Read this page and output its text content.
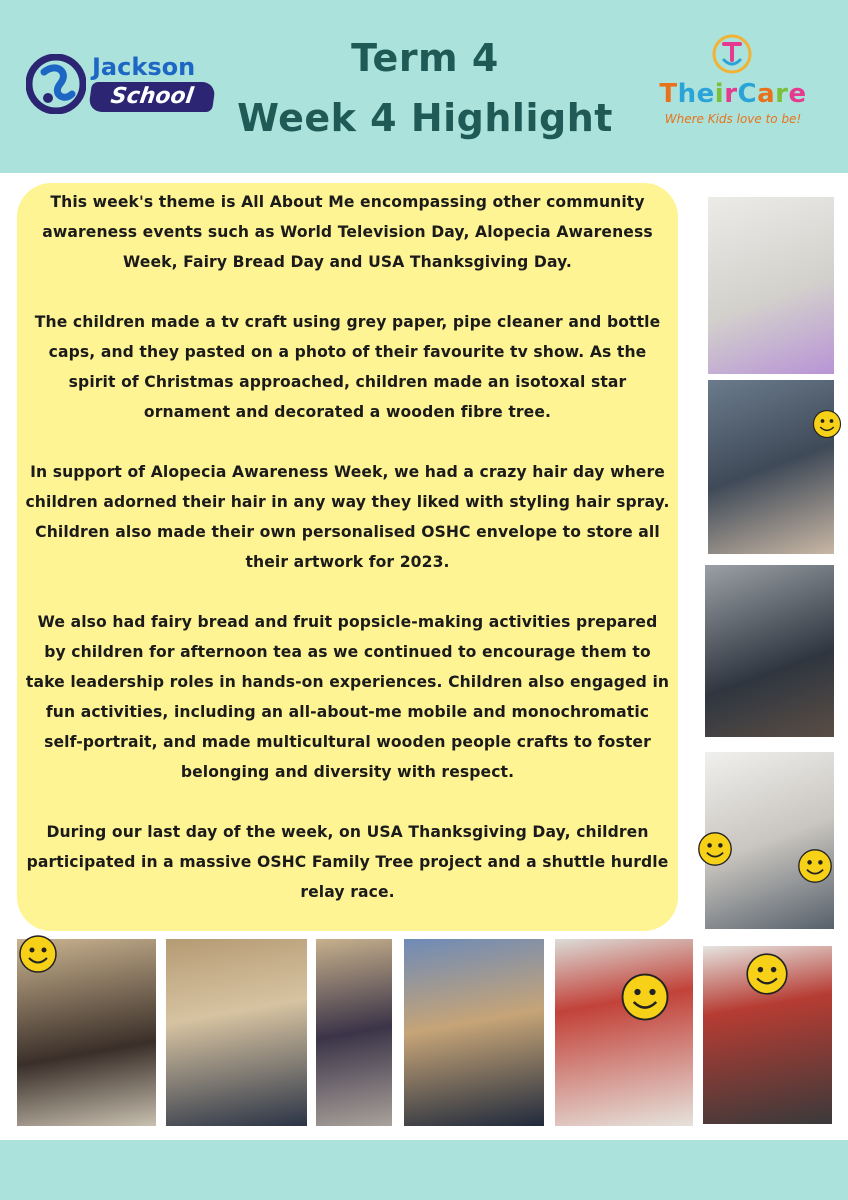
Jackson
School
Term 4
Week 4 Highlight
TheirCare
Where Kids love to be!

This week's theme is All About Me encompassing other community awareness events such as World Television Day, Alopecia Awareness Week, Fairy Bread Day and USA Thanksgiving Day.

The children made a tv craft using grey paper, pipe cleaner and bottle caps, and they pasted on a photo of their favourite tv show. As the spirit of Christmas approached, children made an isotoxal star ornament and decorated a wooden fibre tree.

In support of Alopecia Awareness Week, we had a crazy hair day where children adorned their hair in any way they liked with styling hair spray. Children also made their own personalised OSHC envelope to store all their artwork for 2023.

We also had fairy bread and fruit popsicle-making activities prepared by children for afternoon tea as we continued to encourage them to take leadership roles in hands-on experiences. Children also engaged in fun activities, including an all-about-me mobile and monochromatic self-portrait, and made multicultural wooden people crafts to foster belonging and diversity with respect.

During our last day of the week, on USA Thanksgiving Day, children participated in a massive OSHC Family Tree project and a shuttle hurdle relay race.
